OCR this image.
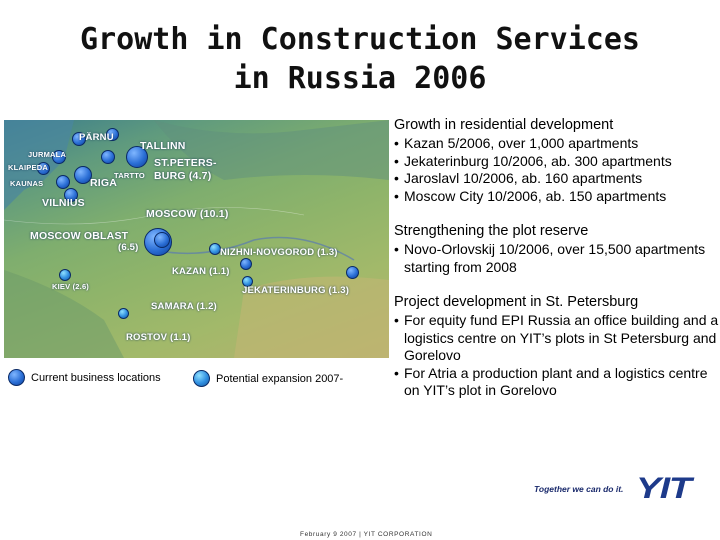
Growth in Construction Services
in Russia 2006
PÄRNU
TALLINN
JURMALA
KLAIPEDA
KAUNAS
TARTTO
RIGA
ST.PETERS-
BURG (4.7)
VILNIUS
MOSCOW (10.1)
MOSCOW OBLAST
(6.5)	NIZHNI-NOVGOROD (1.3)
KAZAN (1.1)
KIEV (2.6)	JEKATERINBURG (1.3)
SAMARA (1.2)
ROSTOV (1.1)
Current business locations	Potential expansion 2007-
Growth in residential development
• Kazan 5/2006, over 1,000 apartments
• Jekaterinburg 10/2006, ab. 300 apartments
• Jaroslavl 10/2006, ab. 160 apartments
• Moscow City 10/2006, ab. 150 apartments
Strengthening the plot reserve
• Novo-Orlovskij 10/2006, over 15,500 apartments starting from 2008
Project development in St. Petersburg
• For equity fund EPI Russia an office building and a logistics centre on YIT’s plots in St Petersburg and Gorelovo
• For Atria a production plant and a logistics centre on YIT’s plot in Gorelovo
Together we can do it. YIT
February 9 2007 | YIT CORPORATION
